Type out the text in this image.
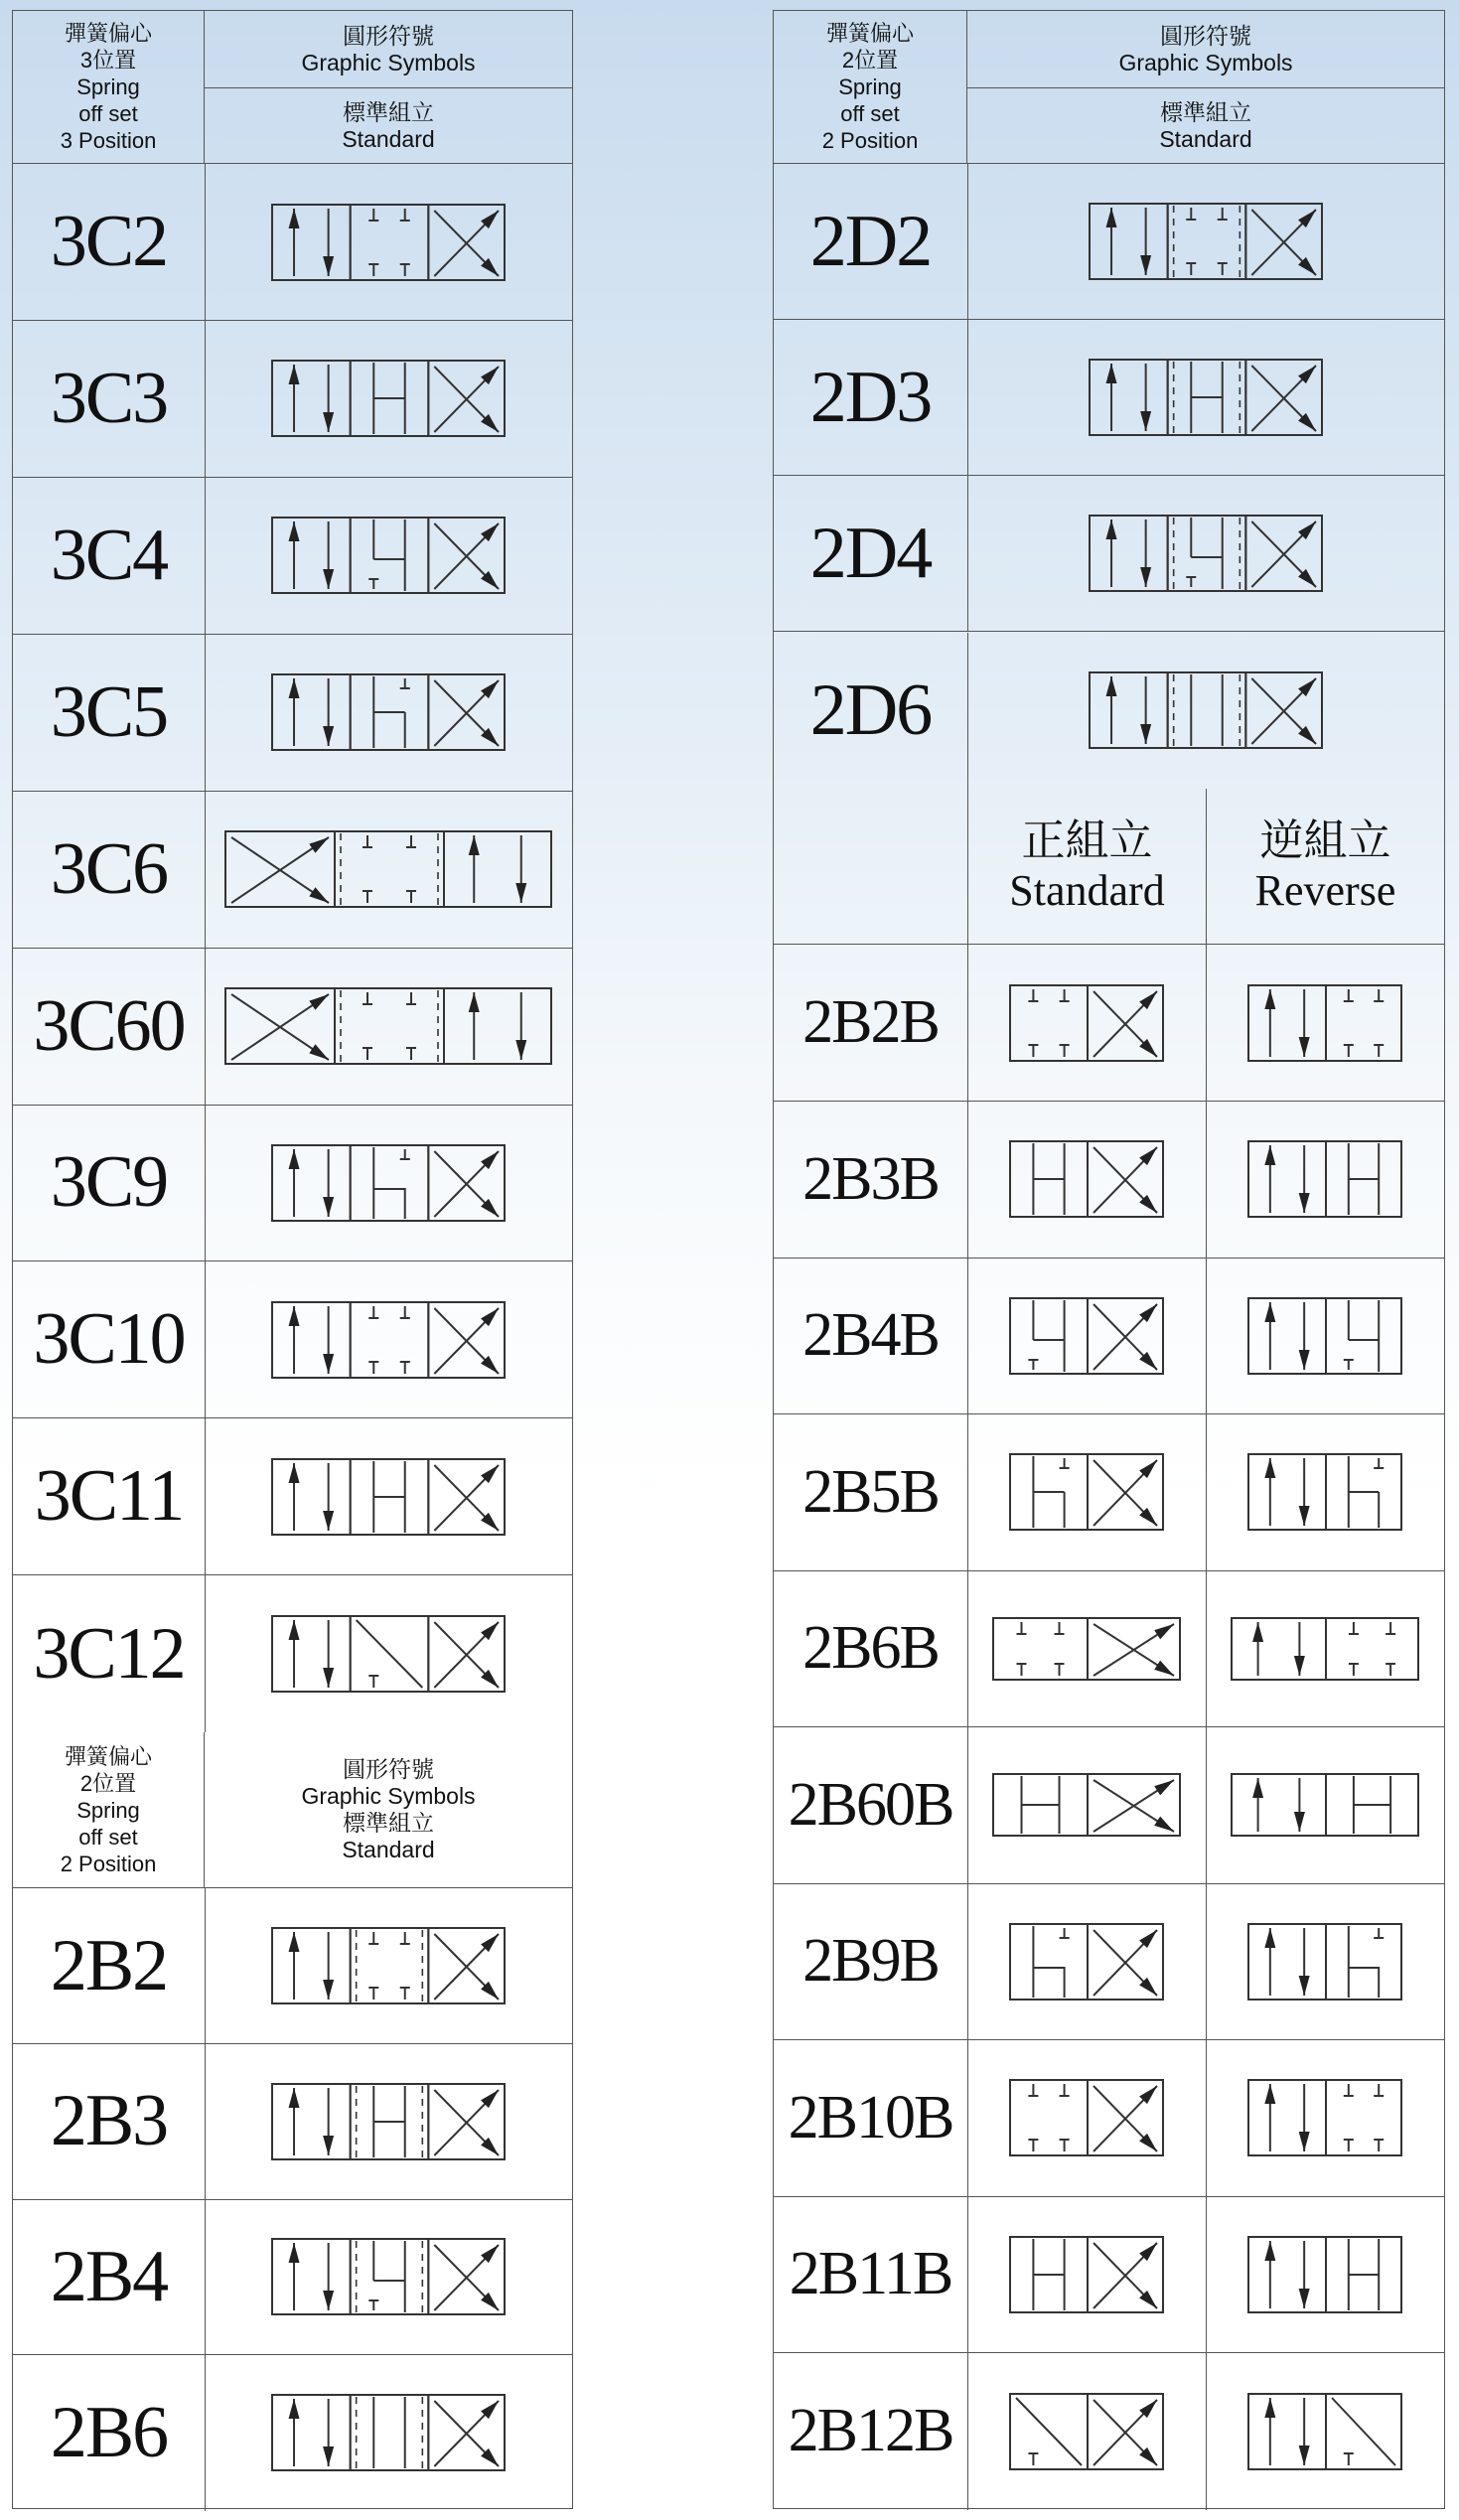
彈簧偏心
3位置
Spring
off set
3 Position
圓形符號
Graphic Symbols
標準組立
Standard
3C2
3C3
3C4
3C5
3C6
3C60
3C9
3C10
3C11
3C12
彈簧偏心
2位置
Spring
off set
2 Position
圓形符號
Graphic Symbols
標準組立
Standard
2B2
2B3
2B4
2B6
彈簧偏心
2位置
Spring
off set
2 Position
圓形符號
Graphic Symbols
標準組立
Standard
2D2
2D3
2D4
2D6
正組立
Standard
逆組立
Reverse
2B2B
2B3B
2B4B
2B5B
2B6B
2B60B
2B9B
2B10B
2B11B
2B12B
